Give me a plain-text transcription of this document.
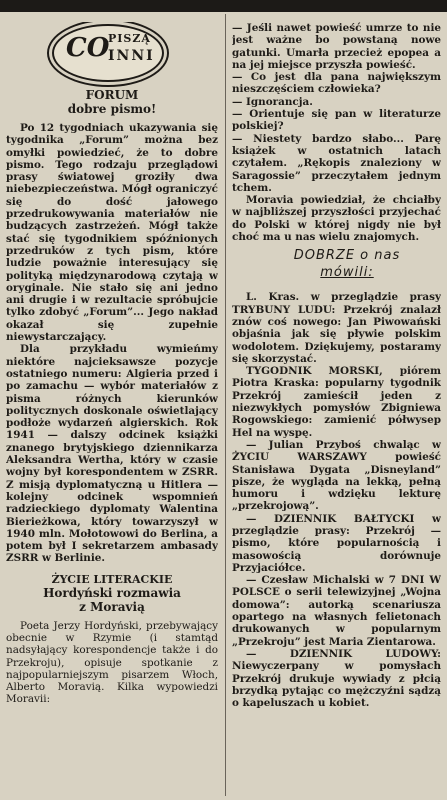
CO
PISZĄ
INNI
FORUM
dobre pismo!

Po 12 tygodniach ukazywania się tygodnika „Forum” można bez omyłki powiedzieć, że to dobre pismo. Tego rodzaju przeglądowi prasy światowej groziły dwa niebezpieczeństwa. Mógł ograniczyć się do dość jałowego przedrukowywania materiałów nie budzących zastrzeżeń. Mógł także stać się tygodnikiem spóźnionych przedruków z tych pism, które ludzie poważnie interesujący się polityką międzynarodową czytają w oryginale. Nie stało się ani jedno ani drugie i w rezultacie spróbujcie tylko zdobyć „Forum”... Jego nakład okazał się zupełnie niewystarczający.

Dla przykładu wymieńmy niektóre najcieksawsze pozycje ostatniego numeru: Algieria przed i po zamachu — wybór materiałów z pisma różnych kierunków politycznych doskonale oświetlający podłoże wydarzeń algierskich. Rok 1941 — dalszy odcinek książki znanego brytyjskiego dziennikarza Aleksandra Wertha, który w czasie wojny był korespondentem w ZSRR. Z misją dyplomatyczną u Hitlera — kolejny odcinek wspomnień radzieckiego dyplomaty Walentina Bierieżkowa, który towarzyszył w 1940 mln. Mołotowowi do Berlina, a potem był I sekretarzem ambasady ZSRR w Berlinie.

ŻYCIE LITERACKIE
Hordyński rozmawia
z Moravią

Poeta Jerzy Hordyński, przebywający obecnie w Rzymie (i stamtąd nadsyłający korespondencje także i do Przekroju), opisuje spotkanie z najpopularniejszym pisarzem Włoch, Alberto Moravią. Kilka wypowiedzi Moravii:

— Jeśli nawet powieść umrze to nie jest ważne bo powstaną nowe gatunki. Umarła przecież epopea a na jej miejsce przyszła powieść.

— Co jest dla pana największym nieszczęściem człowieka?

— Ignorancja.

— Orientuje się pan w literaturze polskiej?

— Niestety bardzo słabo... Parę książek w ostatnich latach czytałem. „Rękopis znaleziony w Saragossie” przeczytałem jednym tchem.

Moravia powiedział, że chciałby w najbliższej przyszłości przyjechać do Polski w której nigdy nie był choć ma u nas wielu znajomych.

DOBRZE o nas
mówili:

L. Kras. w przeglądzie prasy TRYBUNY LUDU: Przekrój znalazł znów coś nowego: Jan Piwowański objaśnia jak się pływie polskim wodolotem. Dziękujemy, postaramy się skorzystać.

TYGODNIK MORSKI, piórem Piotra Kraska: popularny tygodnik Przekrój zamieścił jeden z niezwykłych pomysłów Zbigniewa Rogowskiego: zamienić półwysep Hel na wyspę.

— Julian Przyboś chwaląc w ŻYCIU WARSZAWY powieść Stanisława Dygata „Disneyland” pisze, że wygląda na lekką, pełną humoru i wdzięku lekturę „przekrojową”.

— DZIENNIK BAŁTYCKI w przeglądzie prasy: Przekrój — pismo, które popularnością i masowością dorównuje Przyjaciółce.

— Czesław Michalski w 7 DNI W POLSCE o serii telewizyjnej „Wojna domowa”: autorką scenariusza opartego na własnych felietonach drukowanych w popularnym „Przekroju” jest Maria Zientarowa.

— DZIENNIK LUDOWY: Niewyczerpany w pomysłach Przekrój drukuje wywiady z płcią brzydką pytając co mężczyźni sądzą o kapeluszach u kobiet.
